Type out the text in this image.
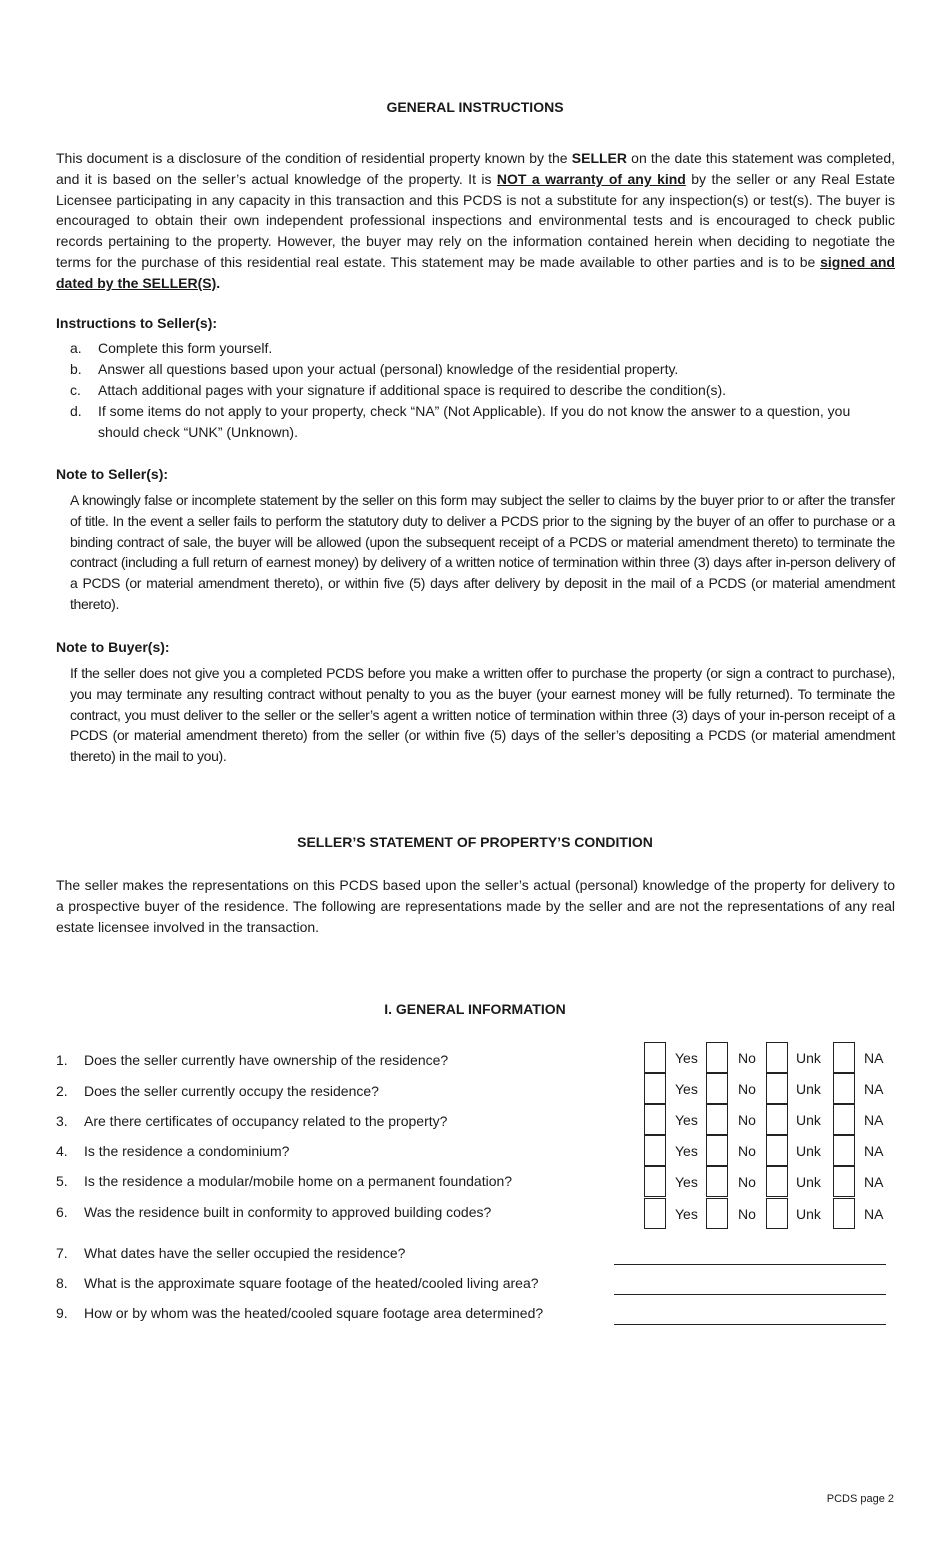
GENERAL INSTRUCTIONS

This document is a disclosure of the condition of residential property known by the SELLER on the date this statement was completed, and it is based on the seller’s actual knowledge of the property. It is NOT a warranty of any kind by the seller or any Real Estate Licensee participating in any capacity in this transaction and this PCDS is not a substitute for any inspection(s) or test(s). The buyer is encouraged to obtain their own independent professional inspections and environmental tests and is encouraged to check public records pertaining to the property. However, the buyer may rely on the information contained herein when deciding to negotiate the terms for the purchase of this residential real estate. This statement may be made available to other parties and is to be signed and dated by the SELLER(S).

Instructions to Seller(s):
a. Complete this form yourself.
b. Answer all questions based upon your actual (personal) knowledge of the residential property.
c. Attach additional pages with your signature if additional space is required to describe the condition(s).
d. If some items do not apply to your property, check “NA” (Not Applicable). If you do not know the answer to a question, you should check “UNK” (Unknown).
Note to Seller(s):

A knowingly false or incomplete statement by the seller on this form may subject the seller to claims by the buyer prior to or after the transfer of title. In the event a seller fails to perform the statutory duty to deliver a PCDS prior to the signing by the buyer of an offer to purchase or a binding contract of sale, the buyer will be allowed (upon the subsequent receipt of a PCDS or material amendment thereto) to terminate the contract (including a full return of earnest money) by delivery of a written notice of termination within three (3) days after in-person delivery of a PCDS (or material amendment thereto), or within five (5) days after delivery by deposit in the mail of a PCDS (or material amendment thereto).

Note to Buyer(s):

If the seller does not give you a completed PCDS before you make a written offer to purchase the property (or sign a contract to purchase), you may terminate any resulting contract without penalty to you as the buyer (your earnest money will be fully returned). To terminate the contract, you must deliver to the seller or the seller’s agent a written notice of termination within three (3) days of your in-person receipt of a PCDS (or material amendment thereto) from the seller (or within five (5) days of the seller’s depositing a PCDS (or material amendment thereto) in the mail to you).

SELLER’S STATEMENT OF PROPERTY’S CONDITION

The seller makes the representations on this PCDS based upon the seller’s actual (personal) knowledge of the property for delivery to a prospective buyer of the residence. The following are representations made by the seller and are not the representations of any real estate licensee involved in the transaction.

I. GENERAL INFORMATION
1. Does the seller currently have ownership of the residence?	Yes	No	Unk	NA
2. Does the seller currently occupy the residence?	Yes	No	Unk	NA
3. Are there certificates of occupancy related to the property?	Yes	No	Unk	NA
4. Is the residence a condominium?	Yes	No	Unk	NA
5. Is the residence a modular/mobile home on a permanent foundation?	Yes	No	Unk	NA
6. Was the residence built in conformity to approved building codes?	Yes	No	Unk	NA
7. What dates have the seller occupied the residence?
8. What is the approximate square footage of the heated/cooled living area?
9. How or by whom was the heated/cooled square footage area determined?
PCDS page 2
